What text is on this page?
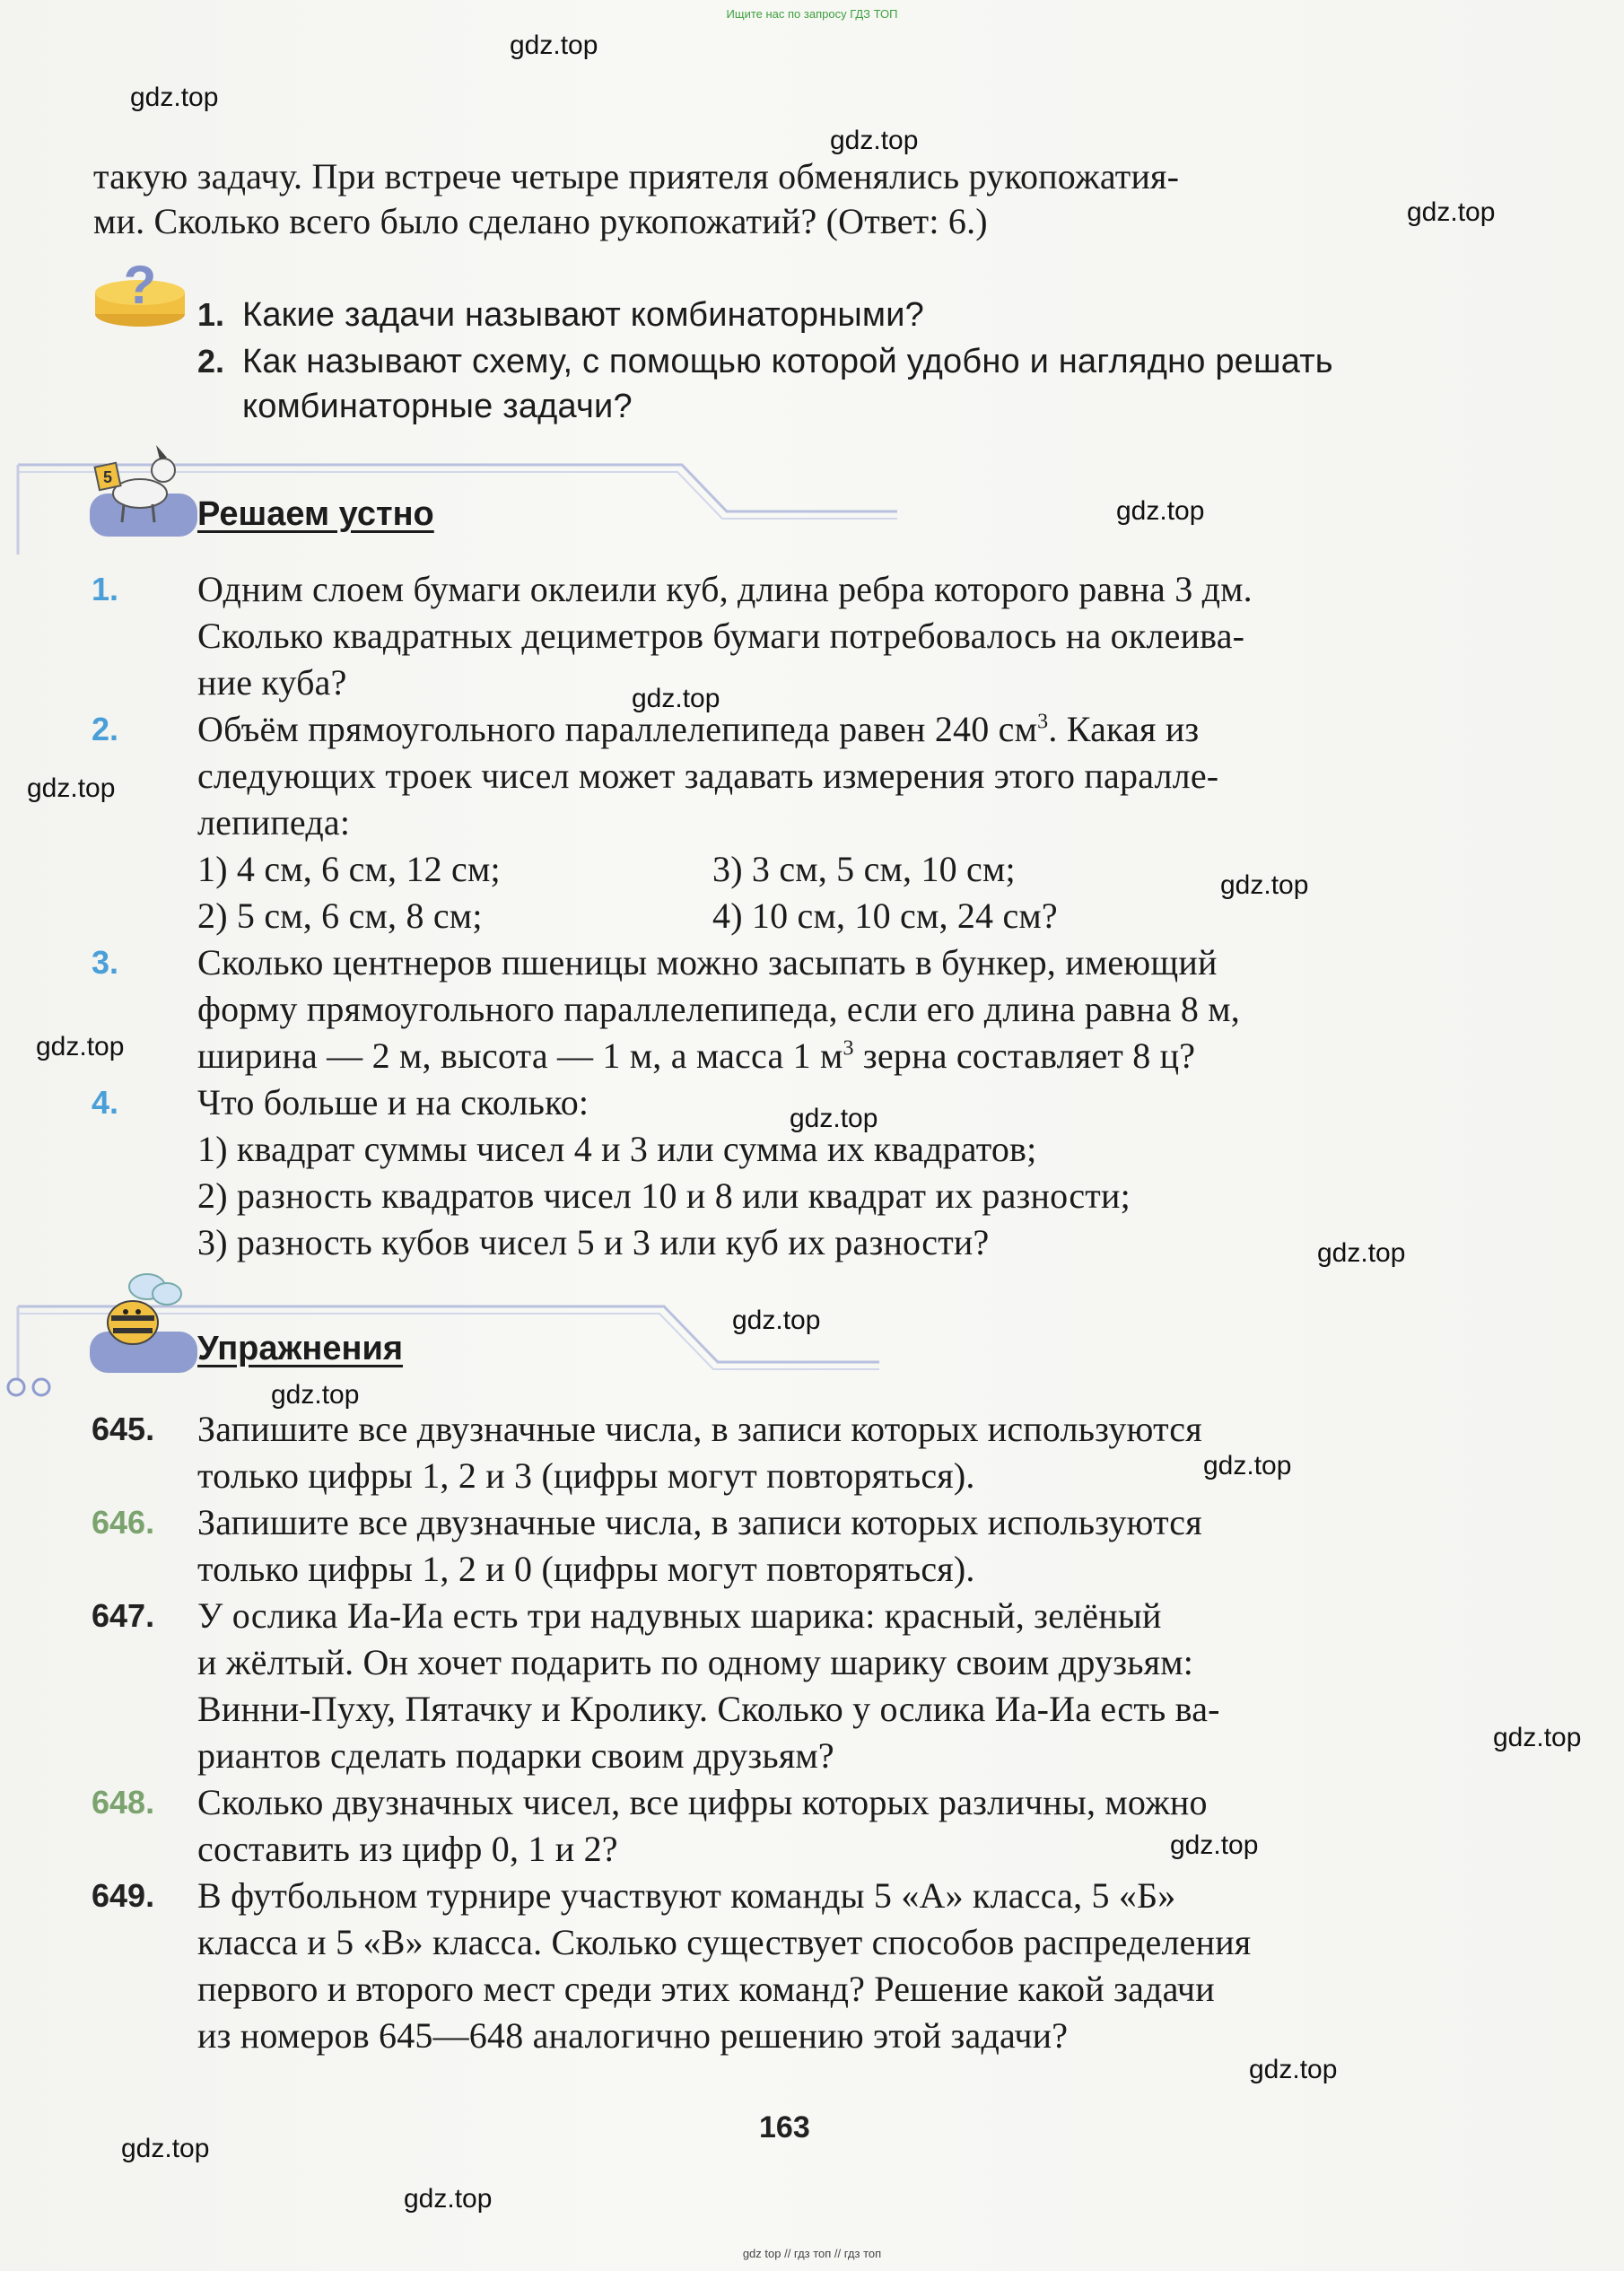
Ищите нас по запросу ГДЗ ТОП
gdz.top
gdz.top
gdz.top
gdz.top
gdz.top
gdz.top
gdz.top
gdz.top
gdz.top
gdz.top
gdz.top
gdz.top
gdz.top
gdz.top
gdz.top
gdz.top
gdz.top
gdz.top
gdz.top
такую задачу. При встрече четыре приятеля обменялись рукопожатия-
ми. Сколько всего было сделано рукопожатий? (Ответ: 6.)
? 1. Какие задачи называют комбинаторными?
2. Как называют схему, с помощью которой удобно и наглядно решать
комбинаторные задачи?
5
Решаем устно
1. Одним слоем бумаги оклеили куб, длина ребра которого равна 3 дм.
Сколько квадратных дециметров бумаги потребовалось на оклеива-
ние куба?
2. Объём прямоугольного параллелепипеда равен 240 $см^3$. Какая из
следующих троек чисел может задавать измерения этого паралле-
лепипеда:
1) 4 см, 6 см, 12 см;	3) 3 см, 5 см, 10 см;
2) 5 см, 6 см, 8 см;	4) 10 см, 10 см, 24 см?
3. Сколько центнеров пшеницы можно засыпать в бункер, имеющий
форму прямоугольного параллелепипеда, если его длина равна 8 м,
ширина — 2 м, высота — 1 м, а масса 1 $м^3$ зерна составляет 8 ц?
4. Что больше и на сколько:
1) квадрат суммы чисел 4 и 3 или сумма их квадратов;
2) разность квадратов чисел 10 и 8 или квадрат их разности;
3) разность кубов чисел 5 и 3 или куб их разности?
Упражнения
645. Запишите все двузначные числа, в записи которых используются
только цифры 1, 2 и 3 (цифры могут повторяться).
646. Запишите все двузначные числа, в записи которых используются
только цифры 1, 2 и 0 (цифры могут повторяться).
647. У ослика Иа-Иа есть три надувных шарика: красный, зелёный
и жёлтый. Он хочет подарить по одному шарику своим друзьям:
Винни-Пуху, Пятачку и Кролику. Сколько у ослика Иа-Иа есть ва-
риантов сделать подарки своим друзьям?
648. Сколько двузначных чисел, все цифры которых различны, можно
составить из цифр 0, 1 и 2?
649. В футбольном турнире участвуют команды 5 «А» класса, 5 «Б»
класса и 5 «В» класса. Сколько существует способов распределения
первого и второго мест среди этих команд? Решение какой задачи
из номеров 645—648 аналогично решению этой задачи?
163
gdz top // гдз топ // гдз топ
